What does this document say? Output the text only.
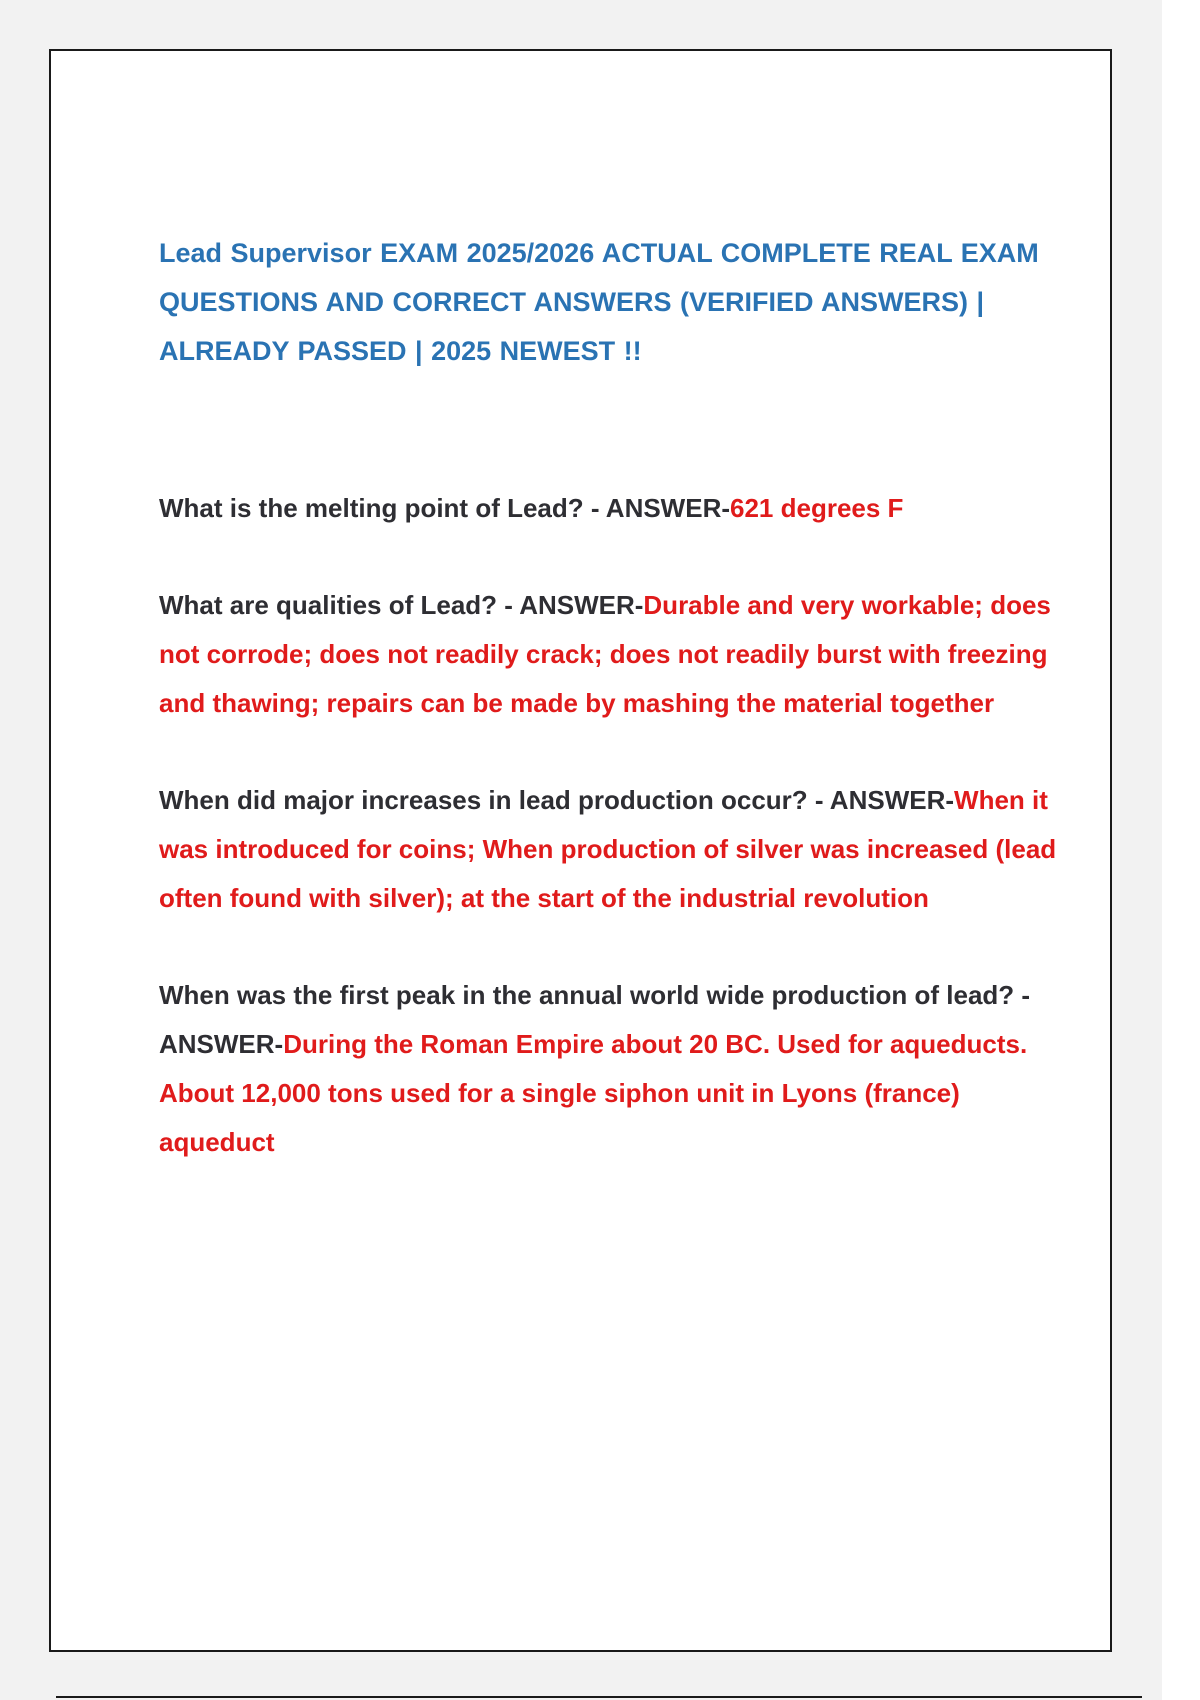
Lead Supervisor EXAM 2025/2026 ACTUAL COMPLETE REAL EXAM QUESTIONS AND CORRECT ANSWERS (VERIFIED ANSWERS) | ALREADY PASSED | 2025 NEWEST !!

What is the melting point of Lead? - ANSWER-621 degrees F

What are qualities of Lead? - ANSWER-Durable and very workable; does not corrode; does not readily crack; does not readily burst with freezing and thawing; repairs can be made by mashing the material together

When did major increases in lead production occur? - ANSWER-When it was introduced for coins; When production of silver was increased (lead often found with silver); at the start of the industrial revolution

When was the first peak in the annual world wide production of lead? - ANSWER-During the Roman Empire about 20 BC. Used for aqueducts. About 12,000 tons used for a single siphon unit in Lyons (france) aqueduct
